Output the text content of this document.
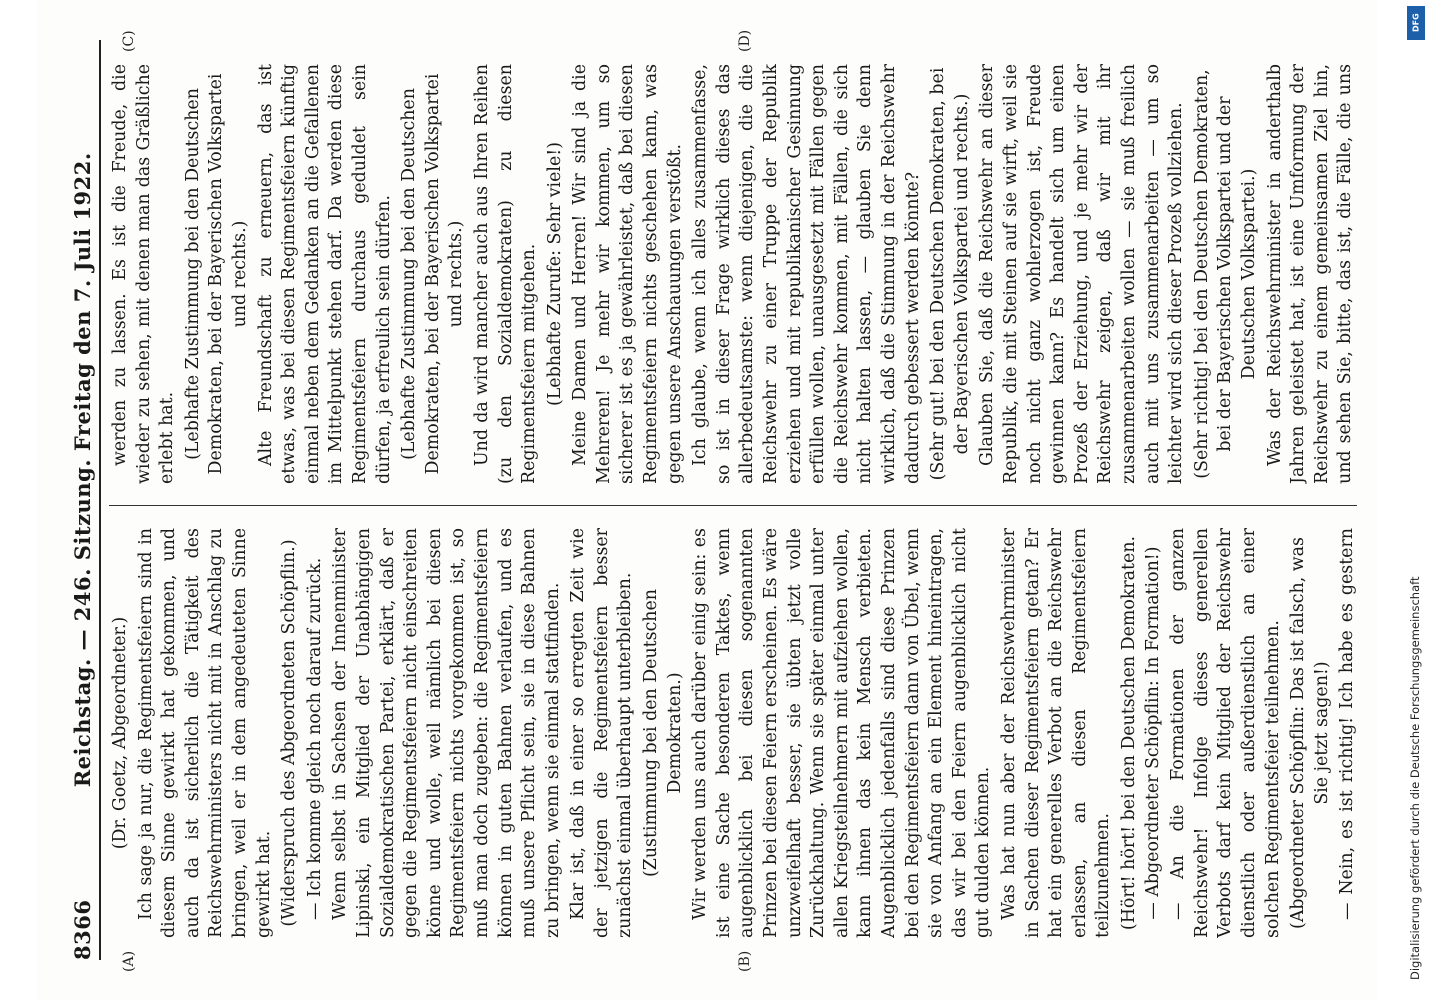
DFG
Digitalisierung gefördert durch die Deutsche Forschungsgemeinschaft
8366
Reichstag. — 246. Sitzung. Freitag den 7. Juli 1922.
(A)	(B)
(C)	(D)

(Dr. Goetz, Abgeordneter.) Ich sage ja nur, die Regimentsfeiern sind in diesem Sinne gewirkt hat gekommen, und auch da ist sicherlich die Tätigkeit des Reichswehrministers nicht mit in Anschlag zu bringen, weil er in dem angedeuteten Sinne gewirkt hat. (Widerspruch des Abgeordneten Schöpflin.) — Ich komme gleich noch darauf zurück. Wenn selbst in Sachsen der Innenminister Lipinski, ein Mitglied der Unabhängigen Sozialdemokratischen Partei, erklärt, daß er gegen die Regimentsfeiern nicht einschreiten könne und wolle, weil nämlich bei diesen Regimentsfeiern nichts vorgekommen ist, so muß man doch zugeben: die Regimentsfeiern können in guten Bahnen verlaufen, und es muß unsere Pflicht sein, sie in diese Bahnen zu bringen, wenn sie einmal stattfinden. Klar ist, daß in einer so erregten Zeit wie der jetzigen die Regimentsfeiern besser zunächst einmal überhaupt unterbleiben. (Zustimmung bei den Deutschen Demokraten.) Wir werden uns auch darüber einig sein: es ist eine Sache besonderen Taktes, wenn augenblicklich bei diesen sogenannten Prinzen bei diesen Feiern erscheinen. Es wäre unzweifelhaft besser, sie übten jetzt volle Zurückhaltung. Wenn sie später einmal unter allen Kriegsteilnehmern mit aufziehen wollen, kann ihnen das kein Mensch verbieten. Augenblicklich jedenfalls sind diese Prinzen bei den Regimentsfeiern dann von Übel, wenn sie von Anfang an ein Element hineintragen, das wir bei den Feiern augenblicklich nicht gut dulden können. Was hat nun aber der Reichswehrminister in Sachen dieser Regimentsfeiern getan? Er hat ein generelles Verbot an die Reichswehr erlassen, an diesen Regimentsfeiern teilzunehmen. (Hört! hört! bei den Deutschen Demokraten. — Abgeordneter Schöpflin: In Formation!) — An die Formationen der ganzen Reichswehr! Infolge dieses generellen Verbots darf kein Mitglied der Reichswehr dienstlich oder außerdienstlich an einer solchen Regimentsfeier teilnehmen. (Abgeordneter Schöpflin: Das ist falsch, was Sie jetzt sagen!)

— Nein, es ist richtig! Ich habe es gestern

werden zu lassen. Es ist die Freude, die wieder zu sehen, mit denen man das Gräßliche erlebt hat. (Lebhafte Zustimmung bei den Deutschen Demokraten, bei der Bayerischen Volkspartei und rechts.) Alte Freundschaft zu erneuern, das ist etwas, was bei diesen Regimentsfeiern künftig einmal neben dem Gedanken an die Gefallenen im Mittelpunkt stehen darf. Da werden diese Regimentsfeiern durchaus geduldet sein dürfen, ja erfreulich sein dürfen. (Lebhafte Zustimmung bei den Deutschen Demokraten, bei der Bayerischen Volkspartei und rechts.) Und da wird mancher auch aus Ihren Reihen (zu den Sozialdemokraten) zu diesen Regimentsfeiern mitgehen. (Lebhafte Zurufe: Sehr viele!) Meine Damen und Herren! Wir sind ja die Mehreren! Je mehr wir kommen, um so sicherer ist es ja gewährleistet, daß bei diesen Regimentsfeiern nichts geschehen kann, was gegen unsere Anschauungen verstößt. Ich glaube, wenn ich alles zusammenfasse, so ist in dieser Frage wirklich dieses das allerbedeutsamste: wenn diejenigen, die die Reichswehr zu einer Truppe der Republik erziehen und mit republikanischer Gesinnung erfüllen wollen, unausgesetzt mit Fällen gegen die Reichswehr kommen, mit Fällen, die sich nicht halten lassen, — glauben Sie denn wirklich, daß die Stimmung in der Reichswehr dadurch gebessert werden könnte? (Sehr gut! bei den Deutschen Demokraten, bei der Bayerischen Volkspartei und rechts.) Glauben Sie, daß die Reichswehr an dieser Republik, die mit Steinen auf sie wirft, weil sie noch nicht ganz wohlerzogen ist, Freude gewinnen kann? Es handelt sich um einen Prozeß der Erziehung, und je mehr wir der Reichswehr zeigen, daß wir mit ihr zusammenarbeiten wollen — sie muß freilich auch mit uns zusammenarbeiten — um so leichter wird sich dieser Prozeß vollziehen. (Sehr richtig! bei den Deutschen Demokraten, bei der Bayerischen Volkspartei und der Deutschen Volkspartei.)

Was der Reichswehrminister in anderthalb Jahren geleistet hat, ist eine Umformung der Reichswehr zu einem gemeinsamen Ziel hin, und sehen Sie, bitte, das ist, die Fälle, die uns
